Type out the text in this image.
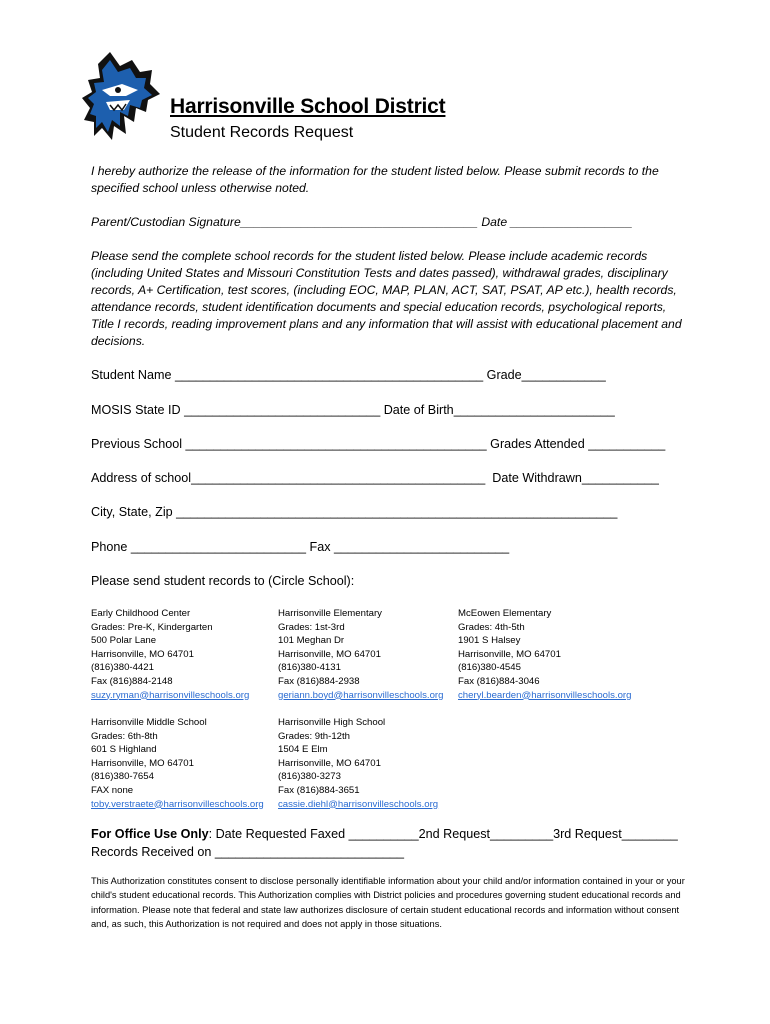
Harrisonville School District
Student Records Request
I hereby authorize the release of the information for the student listed below. Please submit records to the specified school unless otherwise noted.
Parent/Custodian Signature___________________________________ Date __________________
Please send the complete school records for the student listed below. Please include academic records (including United States and Missouri Constitution Tests and dates passed), withdrawal grades, disciplinary records, A+ Certification, test scores, (including EOC, MAP, PLAN, ACT, SAT, PSAT, AP etc.), health records, attendance records, student identification documents and special education records, psychological reports, Title I records, reading improvement plans and any information that will assist with educational placement and decisions.
Student Name ____________________________________________ Grade____________
MOSIS State ID ____________________________ Date of Birth_______________________
Previous School ___________________________________________ Grades Attended ___________
Address of school__________________________________________  Date Withdrawn___________
City, State, Zip _______________________________________________________________
Phone _________________________ Fax _________________________
Please send student records to (Circle School):
Early Childhood Center
Grades: Pre-K, Kindergarten
500 Polar Lane
Harrisonville, MO 64701
(816)380-4421
Fax (816)884-2148
suzy.ryman@harrisonvilleschools.org
Harrisonville Elementary
Grades: 1st-3rd
101 Meghan Dr
Harrisonville, MO 64701
(816)380-4131
Fax (816)884-2938
geriann.boyd@harrisonvilleschools.org
McEowen Elementary
Grades: 4th-5th
1901 S Halsey
Harrisonville, MO 64701
(816)380-4545
Fax (816)884-3046
cheryl.bearden@harrisonvilleschools.org
Harrisonville Middle School
Grades: 6th-8th
601 S Highland
Harrisonville, MO 64701
(816)380-7654
FAX none
toby.verstraete@harrisonvilleschools.org
Harrisonville High School
Grades: 9th-12th
1504 E Elm
Harrisonville, MO 64701
(816)380-3273
Fax (816)884-3651
cassie.diehl@harrisonvilleschools.org
For Office Use Only: Date Requested Faxed __________2nd Request_________3rd Request________
Records Received on ___________________________
This Authorization constitutes consent to disclose personally identifiable information about your child and/or information contained in your or your child's student educational records. This Authorization complies with District policies and procedures governing student educational records and information. Please note that federal and state law authorizes disclosure of certain student educational records and information without consent and, as such, this Authorization is not required and does not apply in those situations.
